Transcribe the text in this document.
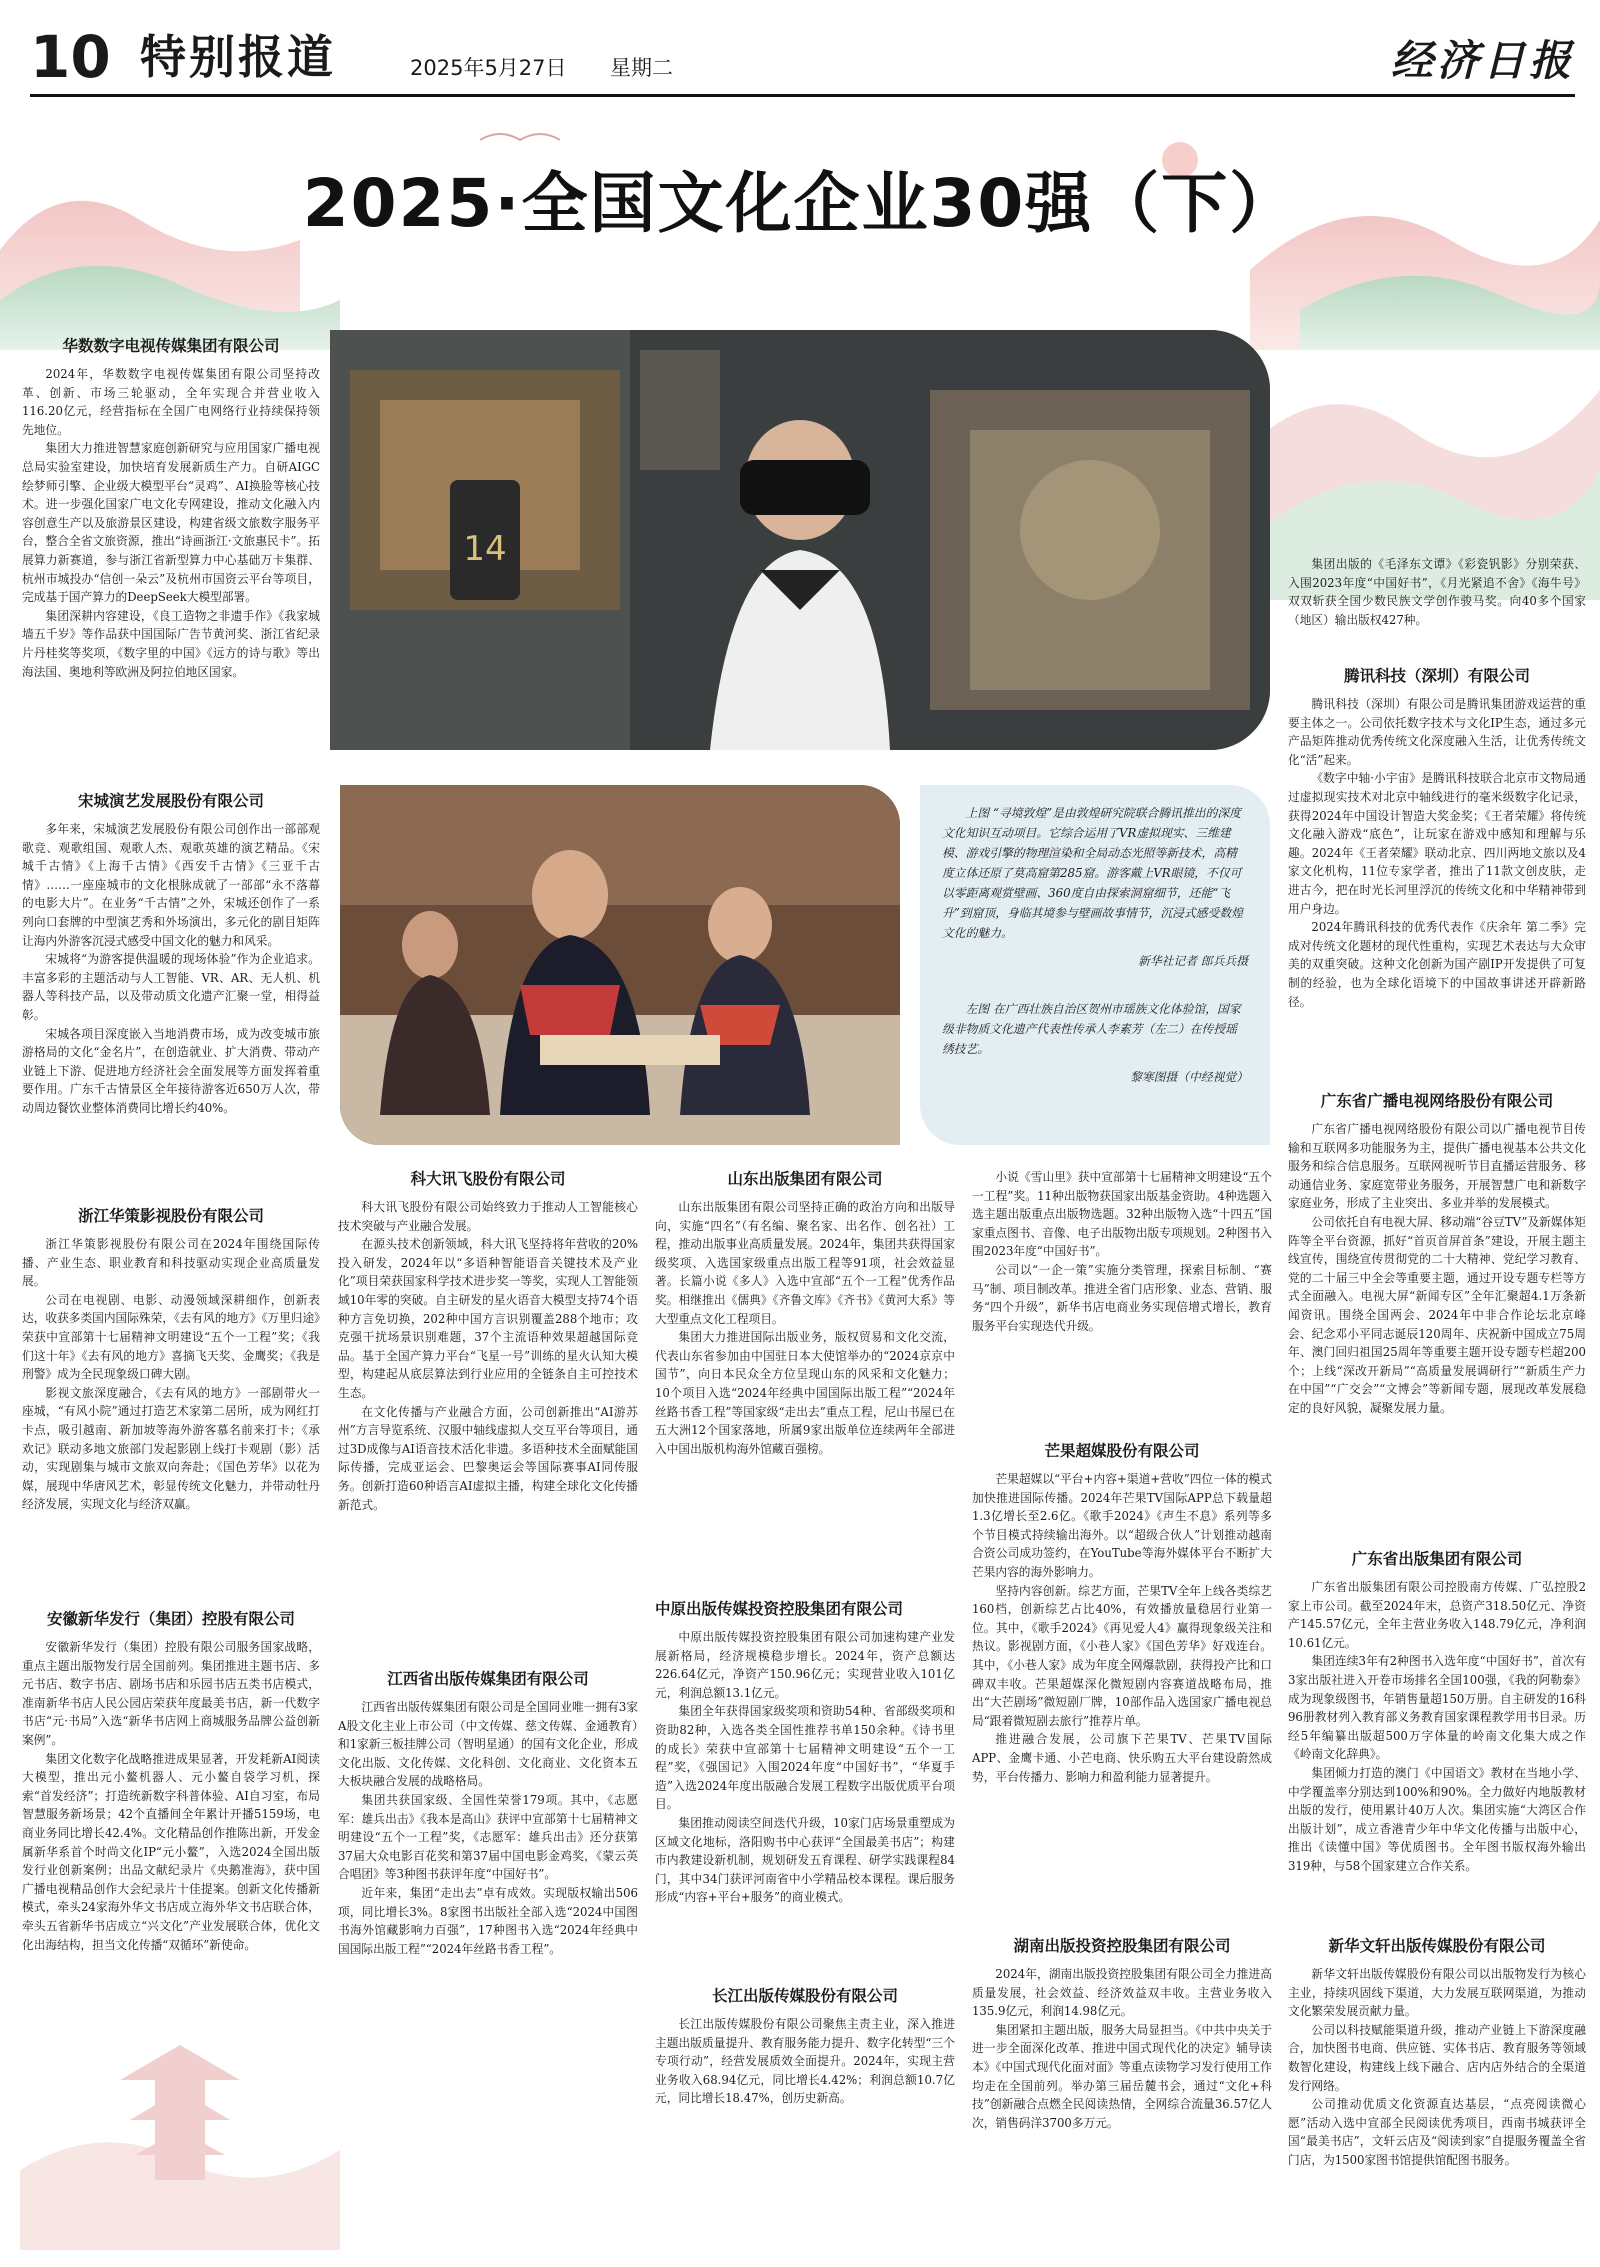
10 特别报道	2025年5月27日 星期二	经济日报
2025·全国文化企业30强（下）
14

上图 “寻境敦煌”是由敦煌研究院联合腾讯推出的深度文化知识互动项目。它综合运用了VR虚拟现实、三维建模、游戏引擎的物理渲染和全局动态光照等新技术，高精度立体还原了莫高窟第285窟。游客戴上VR眼镜，不仅可以零距离观赏壁画、360度自由探索洞窟细节，还能“飞升”到窟顶，身临其境参与壁画故事情节，沉浸式感受数煌文化的魅力。

新华社记者 郎兵兵摄

左图 在广西壮族自治区贺州市瑶族文化体验馆，国家级非物质文化遗产代表性传承人李素芳（左二）在传授瑶绣技艺。

黎寒图摄（中经视觉）

华数数字电视传媒集团有限公司

2024年，华数数字电视传媒集团有限公司坚持改革、创新、市场三轮驱动，全年实现合并营业收入116.20亿元，经营指标在全国广电网络行业持续保持领先地位。

集团大力推进智慧家庭创新研究与应用国家广播电视总局实验室建设，加快培育发展新质生产力。自研AIGC绘梦师引擎、企业级大模型平台“灵鸡”、AI换脸等核心技术。进一步强化国家广电文化专网建设，推动文化融入内容创意生产以及旅游景区建设，构建省级文旅数字服务平台，整合全省文旅资源，推出“诗画浙江·文旅惠民卡”。拓展算力新赛道，参与浙江省新型算力中心基础万卡集群、杭州市城投办“信创一朵云”及杭州市国资云平台等项目，完成基于国产算力的DeepSeek大模型部署。

集团深耕内容建设，《良工造物之非遗手作》《我家城墙五千岁》等作品获中国国际广告节黄河奖、浙江省纪录片丹桂奖等奖项，《数字里的中国》《远方的诗与歌》等出海法国、奥地利等欧洲及阿拉伯地区国家。

宋城演艺发展股份有限公司

多年来，宋城演艺发展股份有限公司创作出一部部观歌竞、观歌组国、观歌人杰、观歌英雄的演艺精品。《宋城千古情》《上海千古情》《西安千古情》《三亚千古情》……一座座城市的文化根脉成就了一部部“永不落幕的电影大片”。在业务“千古情”之外，宋城还创作了一系列向口套牌的中型演艺秀和外场演出，多元化的剧目矩阵让海内外游客沉浸式感受中国文化的魅力和风采。

宋城将“为游客提供温暖的现场体验”作为企业追求。丰富多彩的主题活动与人工智能、VR、AR、无人机、机器人等科技产品，以及带动质文化遗产汇聚一堂，相得益彰。

宋城各项目深度嵌入当地消费市场，成为改变城市旅游格局的文化“金名片”，在创造就业、扩大消费、带动产业链上下游、促进地方经济社会全面发展等方面发挥着重要作用。广东千古情景区全年接待游客近650万人次，带动周边餐饮业整体消费同比增长约40%。

浙江华策影视股份有限公司

浙江华策影视股份有限公司在2024年围绕国际传播、产业生态、职业教育和科技驱动实现企业高质量发展。

公司在电视剧、电影、动漫领域深耕细作，创新表达，收获多类国内国际殊荣，《去有风的地方》《万里归途》荣获中宣部第十七届精神文明建设“五个一工程”奖；《我们这十年》《去有风的地方》喜摘飞天奖、金鹰奖；《我是刑警》成为全民现象级口碑大剧。

影视文旅深度融合，《去有风的地方》一部剧带火一座城，“有风小院”通过打造艺术家第二居所，成为网红打卡点，吸引越南、新加坡等海外游客慕名前来打卡；《承欢记》联动多地文旅部门发起影剧上线打卡观剧（影）活动，实现剧集与城市文旅双向奔赴；《国色芳华》以花为媒，展现中华唐风艺术，彰显传统文化魅力，并带动牡丹经济发展，实现文化与经济双赢。

安徽新华发行（集团）控股有限公司

安徽新华发行（集团）控股有限公司服务国家战略，重点主题出版物发行居全国前列。集团推进主题书店、多元书店、数字书店、剧场书店和乐园书店五类书店模式，准南新华书店人民公园店荣获年度最美书店，新一代数字书店“元·书局”入选“新华书店网上商城服务品牌公益创新案例”。

集团文化数字化战略推进成果显著，开发耗新AI阅读大模型，推出元小鳌机器人、元小鳌自袋学习机，探索“首发经济”；打造统新数字科普体验、AI自习室，布局智慧服务新场景；42个直播间全年累计开播5159场，电商业务同比增长42.4%。文化精品创作推陈出新，开发金属新华系首个时尚文化IP“元小鳌”，入选2024全国出版发行业创新案例；出品文献纪录片《央鹅准海》，获中国广播电视精品创作大会纪录片十佳提案。创新文化传播新模式，牵头24家海外华文书店成立海外华文书店联合体，牵头五省新华书店成立“兴文化”产业发展联合体，优化文化出海结构，担当文化传播“双循环”新使命。

科大讯飞股份有限公司

科大讯飞股份有限公司始终致力于推动人工智能核心技术突破与产业融合发展。

在源头技术创新领域，科大讯飞坚持将年营收的20%投入研发，2024年以“多语种智能语音关键技术及产业化”项目荣获国家科学技术进步奖一等奖，实现人工智能领域10年零的突破。自主研发的星火语音大模型支持74个语种方言免切换，202种中国方言识别覆盖288个地市；攻克强干扰场景识别难题，37个主流语种效果超越国际竞品。基于全国产算力平台“飞星一号”训练的星火认知大模型，构建起从底层算法到行业应用的全链条自主可控技术生态。

在文化传播与产业融合方面，公司创新推出“AI游苏州”方言导览系统、汉服中轴线虚拟人交互平台等项目，通过3D成像与AI语音技术活化非遗。多语种技术全面赋能国际传播，完成亚运会、巴黎奥运会等国际赛事AI同传服务。创新打造60种语言AI虚拟主播，构建全球化文化传播新范式。

江西省出版传媒集团有限公司

江西省出版传媒集团有限公司是全国同业唯一拥有3家A股文化主业上市公司（中文传媒、慈文传媒、金通教育）和1家新三板挂牌公司（智明星通）的国有文化企业，形成文化出版、文化传媒、文化科创、文化商业、文化资本五大板块融合发展的战略格局。

集团共获国家级、全国性荣誉179项。其中，《志愿军：雄兵出击》《我本是高山》获评中宣部第十七届精神文明建设“五个一工程”奖，《志愿军：雄兵出击》还分获第37届大众电影百花奖和第37届中国电影金鸡奖，《蒙云英合唱团》等3种图书获评年度“中国好书”。

近年来，集团“走出去”卓有成效。实现版权输出506项，同比增长3%。8家图书出版社全部入选“2024中国图书海外馆藏影响力百强”，17种图书入选“2024年经典中国国际出版工程”“2024年丝路书香工程”。

山东出版集团有限公司

山东出版集团有限公司坚持正确的政治方向和出版导向，实施“四名”（有名编、聚名家、出名作、创名社）工程，推动出版事业高质量发展。2024年，集团共获得国家级奖项、入选国家级重点出版工程等91项，社会效益显著。长篇小说《多人》入选中宣部“五个一工程”优秀作品奖。相继推出《儒典》《齐鲁文库》《齐书》《黄河大系》等大型重点文化工程项目。

集团大力推进国际出版业务，版权贸易和文化交流，代表山东省参加由中国驻日本大使馆举办的“2024京京中国节”，向日本民众全方位呈现山东的风采和文化魅力；10个项目入选“2024年经典中国国际出版工程”“2024年丝路书香工程”等国家级“走出去”重点工程，尼山书屋已在五大洲12个国家落地，所属9家出版单位连续两年全部进入中国出版机构海外馆藏百强榜。

中原出版传媒投资控股集团有限公司

中原出版传媒投资控股集团有限公司加速构建产业发展新格局，经济规模稳步增长。2024年，资产总额达226.64亿元，净资产150.96亿元；实现营业收入101亿元，利润总额13.1亿元。

集团全年获得国家级奖项和资助54种、省部级奖项和资助82种，入选各类全国性推荐书单150余种。《诗书里的成长》荣获中宣部第十七届精神文明建设“五个一工程”奖，《强国记》入围2024年度“中国好书”，“华夏手造”入选2024年度出版融合发展工程数字出版优质平台项目。

集团推动阅读空间迭代升级，10家门店场景重塑成为区域文化地标，洛阳购书中心获评“全国最美书店”；构建市内教建设新机制，规划研发五育课程、研学实践课程84门，其中34门获评河南省中小学精品校本课程。课后服务形成“内容+平台+服务”的商业模式。

长江出版传媒股份有限公司

长江出版传媒股份有限公司聚焦主责主业，深入推进主题出版质量提升、教育服务能力提升、数字化转型“三个专项行动”，经营发展质效全面提升。2024年，实现主营业务收入68.94亿元，同比增长4.42%；利润总额10.7亿元，同比增长18.47%，创历史新高。

小说《雪山里》获中宣部第十七届精神文明建设“五个一工程”奖。11种出版物获国家出版基金资助。4种选题入选主题出版重点出版物选题。32种出版物入选“十四五”国家重点图书、音像、电子出版物出版专项规划。2种图书入围2023年度“中国好书”。

公司以“一企一策”实施分类管理，探索目标制、“赛马”制、项目制改革。推进全省门店形象、业态、营销、服务“四个升级”，新华书店电商业务实现倍增式增长，教育服务平台实现迭代升级。

芒果超媒股份有限公司

芒果超媒以“平台+内容+渠道+营收”四位一体的模式加快推进国际传播。2024年芒果TV国际APP总下载量超1.3亿增长至2.6亿。《歌手2024》《声生不息》系列等多个节目模式持续输出海外。以“超级合伙人”计划推动越南合资公司成功签约，在YouTube等海外媒体平台不断扩大芒果内容的海外影响力。

坚持内容创新。综艺方面，芒果TV全年上线各类综艺160档，创新综艺占比40%，有效播放量稳居行业第一位。其中，《歌手2024》《再见爱人4》赢得现象级关注和热议。影视剧方面，《小巷人家》《国色芳华》好戏连台。其中，《小巷人家》成为年度全网爆款剧，获得投产比和口碑双丰收。芒果超媒深化微短剧内容赛道战略布局，推出“大芒剧场”微短剧厂牌，10部作品入选国家广播电视总局“跟着微短剧去旅行”推荐片单。

推进融合发展，公司旗下芒果TV、芒果TV国际APP、金鹰卡通、小芒电商、快乐购五大平台建设蔚然成势，平台传播力、影响力和盈利能力显著提升。

湖南出版投资控股集团有限公司

2024年，湖南出版投资控股集团有限公司全力推进高质量发展，社会效益、经济效益双丰收。主营业务收入135.9亿元，利润14.98亿元。

集团紧扣主题出版，服务大局显担当。《中共中央关于进一步全面深化改革、推进中国式现代化的决定》辅导读本》《中国式现代化面对面》等重点读物学习发行使用工作均走在全国前列。举办第三届岳麓书会，通过“文化+科技”创新融合点燃全民阅读热情，全网综合流量36.57亿人次，销售码洋3700多万元。

集团出版的《毛泽东文谭》《彩瓷钒影》分别荣获、入围2023年度“中国好书”，《月光紧追不舍》《海牛号》双双斩获全国少数民族文学创作骏马奖。向40多个国家（地区）输出版权427种。

腾讯科技（深圳）有限公司

腾讯科技（深圳）有限公司是腾讯集团游戏运营的重要主体之一。公司依托数字技术与文化IP生态，通过多元产品矩阵推动优秀传统文化深度融入生活，让优秀传统文化“活”起来。

《数字中轴·小宇宙》是腾讯科技联合北京市文物局通过虚拟现实技术对北京中轴线进行的毫米级数字化记录，获得2024年中国设计智造大奖金奖；《王者荣耀》将传统文化融入游戏“底色”，让玩家在游戏中感知和理解与乐趣。2024年《王者荣耀》联动北京、四川两地文旅以及4家文化机构，11位专家学者，推出了11款文创皮肤，走进古今，把在时光长河里浮沉的传统文化和中华精神带到用户身边。

2024年腾讯科技的优秀代表作《庆余年 第二季》完成对传统文化题材的现代性重构，实现艺术表达与大众审美的双重突破。这种文化创新为国产剧IP开发提供了可复制的经验，也为全球化语境下的中国故事讲述开辟新路径。

广东省广播电视网络股份有限公司

广东省广播电视网络股份有限公司以广播电视节目传输和互联网多功能服务为主，提供广播电视基本公共文化服务和综合信息服务。互联网视听节目直播运营服务、移动通信业务、家庭宽带业务服务，开展智慧广电和新数字家庭业务，形成了主业突出、多业并举的发展模式。

公司依托自有电视大屏、移动端“谷豆TV”及新媒体矩阵等全平台资源，抓好“首页首屏首条”建设，开展主题主线宣传，围绕宣传贯彻党的二十大精神、党纪学习教育、党的二十届三中全会等重要主题，通过开设专题专栏等方式全面融入。电视大屏“新闻专区”全年汇聚超4.1万条新闻资讯。围绕全国两会、2024年中非合作论坛北京峰会、纪念邓小平同志诞辰120周年、庆祝新中国成立75周年、澳门回归祖国25周年等重要主题开设专题专栏超200个；上线“深改开新局”“高质量发展调研行”“新质生产力在中国”“广交会”“文博会”等新闻专题，展现改革发展稳定的良好风貌，凝聚发展力量。

广东省出版集团有限公司

广东省出版集团有限公司控股南方传媒、广弘控股2家上市公司。截至2024年末，总资产318.50亿元、净资产145.57亿元，全年主营业务收入148.79亿元，净利润10.61亿元。

集团连续3年有2种图书入选年度“中国好书”，首次有3家出版社进入开卷市场排名全国100强，《我的阿勒泰》成为现象级图书，年销售量超150万册。自主研发的16科96册教材列入教育部义务教育国家课程教学用书目录。历经5年编纂出版超500万字体量的岭南文化集大成之作《岭南文化辞典》。

集团倾力打造的澳门《中国语文》教材在当地小学、中学覆盖率分别达到100%和90%。全力做好内地版教材出版的发行，使用累计40万人次。集团实施“大湾区合作出版计划”，成立香港青少年中华文化传播与出版中心，推出《读懂中国》等优质图书。全年图书版权海外输出319种，与58个国家建立合作关系。

新华文轩出版传媒股份有限公司

新华文轩出版传媒股份有限公司以出版物发行为核心主业，持续巩固线下渠道，大力发展互联网渠道，为推动文化繁荣发展贡献力量。

公司以科技赋能渠道升级，推动产业链上下游深度融合，加快图书电商、供应链、实体书店、教育服务等领域数智化建设，构建线上线下融合、店内店外结合的全渠道发行网络。

公司推动优质文化资源直达基层，“点亮阅读微心愿”活动入选中宣部全民阅读优秀项目，西南书城获评全国“最美书店”，文轩云店及“阅读到家”自提服务覆盖全省门店，为1500家图书馆提供馆配图书服务。
